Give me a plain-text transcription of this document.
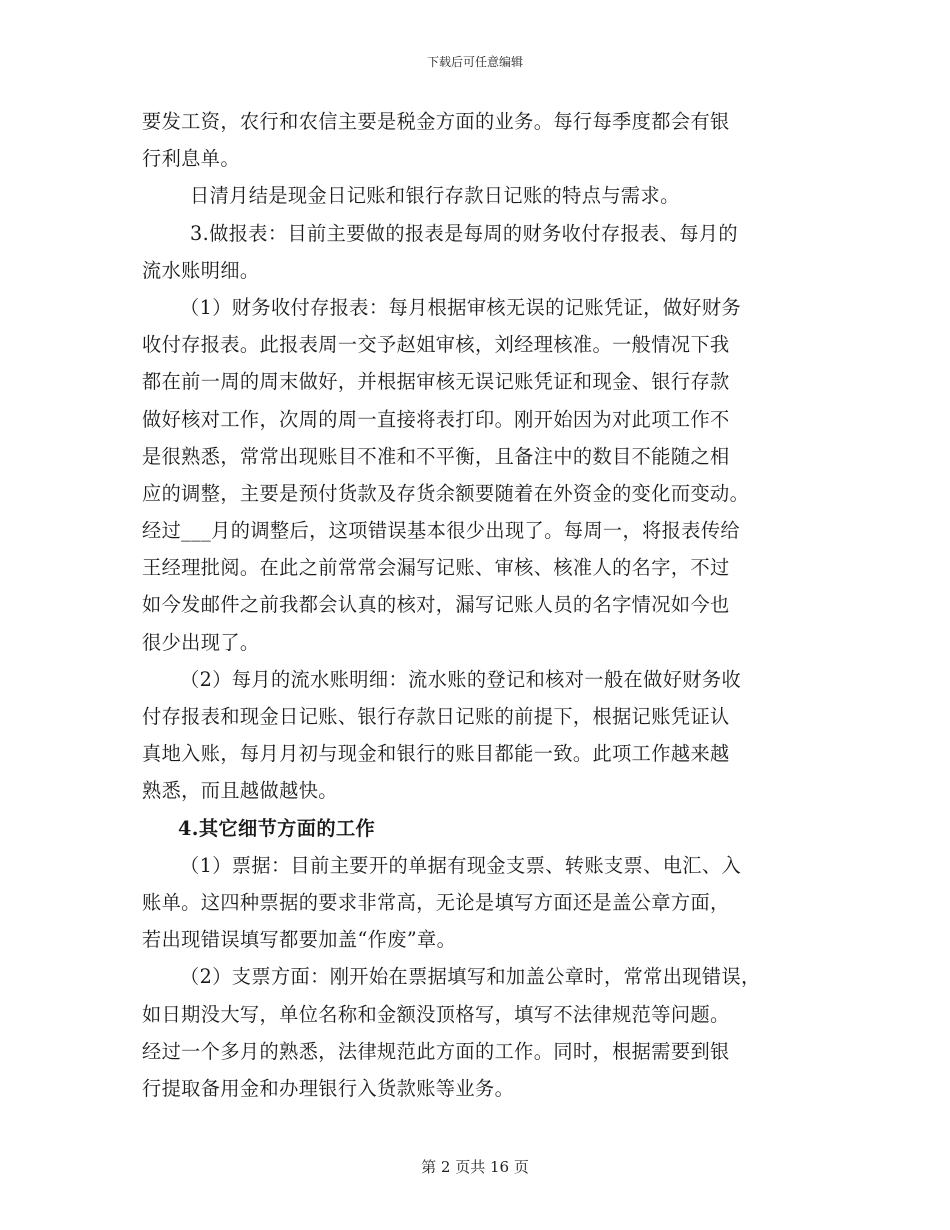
下载后可任意编辑
要发工资，农行和农信主要是税金方面的业务。每行每季度都会有银
行利息单。
日清月结是现金日记账和银行存款日记账的特点与需求。
3.做报表：目前主要做的报表是每周的财务收付存报表、每月的
流水账明细。
（1）财务收付存报表：每月根据审核无误的记账凭证，做好财务
收付存报表。此报表周一交予赵姐审核，刘经理核准。一般情况下我
都在前一周的周末做好，并根据审核无误记账凭证和现金、银行存款
做好核对工作，次周的周一直接将表打印。刚开始因为对此项工作不
是很熟悉，常常出现账目不准和不平衡，且备注中的数目不能随之相
应的调整，主要是预付货款及存货余额要随着在外资金的变化而变动。
经过___月的调整后，这项错误基本很少出现了。每周一，将报表传给
王经理批阅。在此之前常常会漏写记账、审核、核准人的名字，不过
如今发邮件之前我都会认真的核对，漏写记账人员的名字情况如今也
很少出现了。
（2）每月的流水账明细：流水账的登记和核对一般在做好财务收
付存报表和现金日记账、银行存款日记账的前提下，根据记账凭证认
真地入账，每月月初与现金和银行的账目都能一致。此项工作越来越
熟悉，而且越做越快。
4.其它细节方面的工作
（1）票据：目前主要开的单据有现金支票、转账支票、电汇、入
账单。这四种票据的要求非常高，无论是填写方面还是盖公章方面，
若出现错误填写都要加盖“作废”章。
（2）支票方面：刚开始在票据填写和加盖公章时，常常出现错误，
如日期没大写，单位名称和金额没顶格写，填写不法律规范等问题。
经过一个多月的熟悉，法律规范此方面的工作。同时，根据需要到银
行提取备用金和办理银行入货款账等业务。
第 2 页共 16 页
